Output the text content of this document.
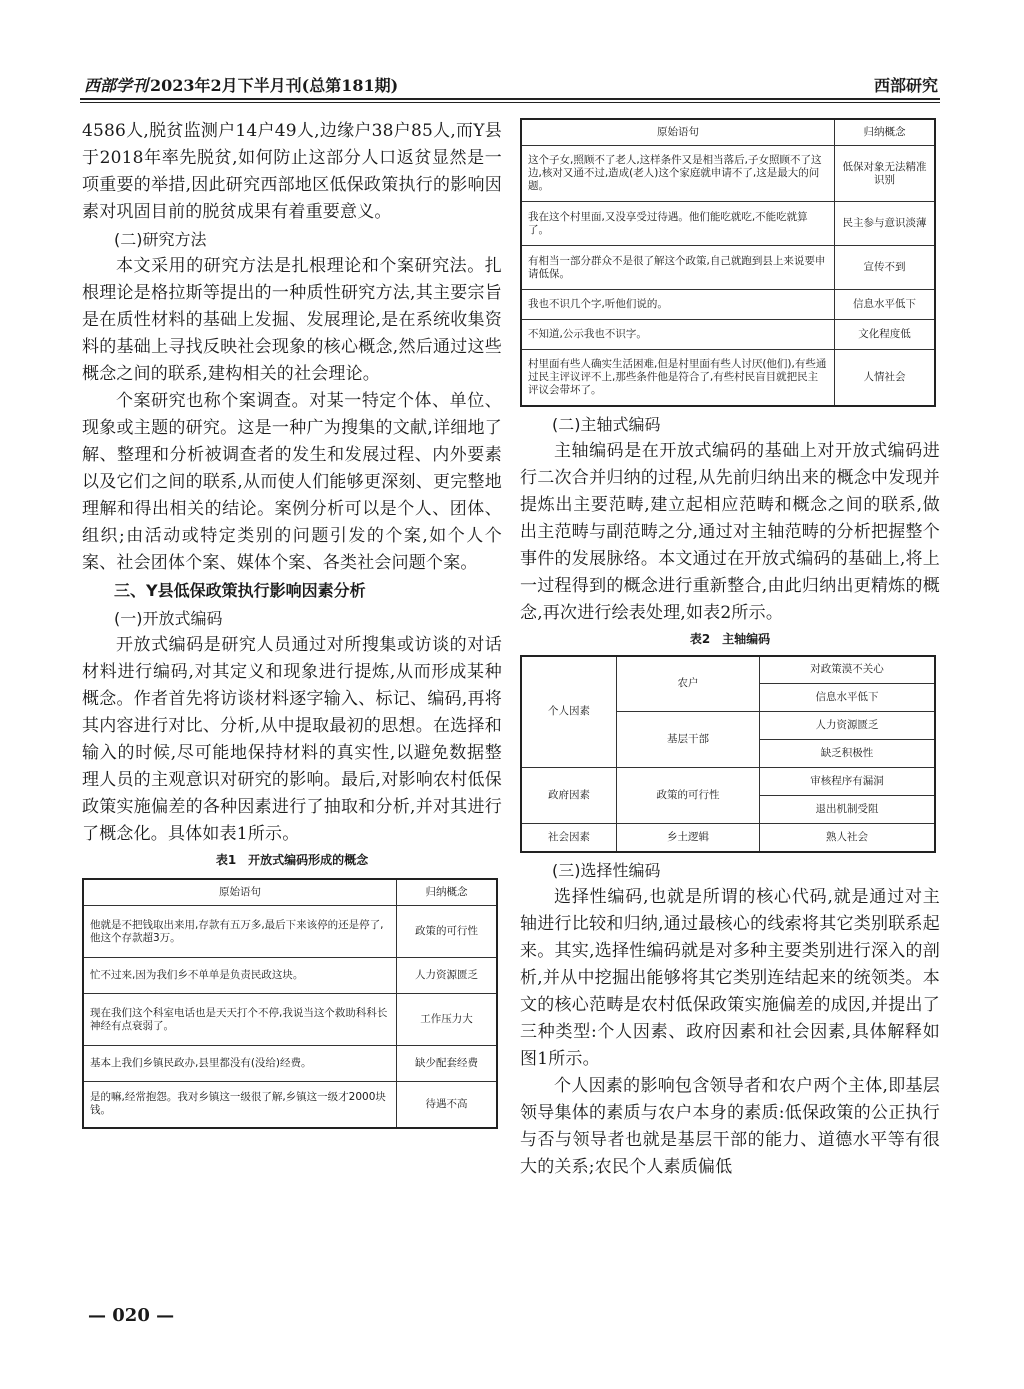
西部学刊 2023年2月下半月刊(总第181期)	西部研究

4586人,脱贫监测户14户49人,边缘户38户85人,而Y县于2018年率先脱贫,如何防止这部分人口返贫显然是一项重要的举措,因此研究西部地区低保政策执行的影响因素对巩固目前的脱贫成果有着重要意义。

(二)研究方法

本文采用的研究方法是扎根理论和个案研究法。扎根理论是格拉斯等提出的一种质性研究方法,其主要宗旨是在质性材料的基础上发掘、发展理论,是在系统收集资料的基础上寻找反映社会现象的核心概念,然后通过这些概念之间的联系,建构相关的社会理论。

个案研究也称个案调查。对某一特定个体、单位、现象或主题的研究。这是一种广为搜集的文献,详细地了解、整理和分析被调查者的发生和发展过程、内外要素以及它们之间的联系,从而使人们能够更深刻、更完整地理解和得出相关的结论。案例分析可以是个人、团体、组织;由活动或特定类别的问题引发的个案,如个人个案、社会团体个案、媒体个案、各类社会问题个案。

三、Y县低保政策执行影响因素分析
(一)开放式编码

开放式编码是研究人员通过对所搜集或访谈的对话材料进行编码,对其定义和现象进行提炼,从而形成某种概念。作者首先将访谈材料逐字输入、标记、编码,再将其内容进行对比、分析,从中提取最初的思想。在选择和输入的时候,尽可能地保持材料的真实性,以避免数据整理人员的主观意识对研究的影响。最后,对影响农村低保政策实施偏差的各种因素进行了抽取和分析,并对其进行了概念化。具体如表1所示。

表1　开放式编码形成的概念
原始语句	归纳概念
他就是不把钱取出来用,存款有五万多,最后下来该停的还是停了,他这个存款超3万。	政策的可行性
忙不过来,因为我们乡不单单是负责民政这块。	人力资源匮乏
现在我们这个科室电话也是天天打个不停,我说当这个救助科科长神经有点衰弱了。	工作压力大
基本上我们乡镇民政办,县里都没有(没给)经费。	缺少配套经费
是的嘛,经常抱怨。我对乡镇这一级很了解,乡镇这一级才2000块钱。	待遇不高
原始语句	归纳概念
这个子女,照顾不了老人,这样条件又是相当落后,子女照顾不了这边,核对又通不过,造成(老人)这个家庭就申请不了,这是最大的问题。	低保对象无法精准识别
我在这个村里面,又没享受过待遇。他们能吃就吃,不能吃就算了。	民主参与意识淡薄
有相当一部分群众不是很了解这个政策,自己就跑到县上来说要申请低保。	宣传不到
我也不识几个字,听他们说的。	信息水平低下
不知道,公示我也不识字。	文化程度低
村里面有些人确实生活困难,但是村里面有些人讨厌(他们),有些通过民主评议评不上,那些条件他是符合了,有些村民盲目就把民主评议会带坏了。	人情社会
(二)主轴式编码

主轴编码是在开放式编码的基础上对开放式编码进行二次合并归纳的过程,从先前归纳出来的概念中发现并提炼出主要范畴,建立起相应范畴和概念之间的联系,做出主范畴与副范畴之分,通过对主轴范畴的分析把握整个事件的发展脉络。本文通过在开放式编码的基础上,将上一过程得到的概念进行重新整合,由此归纳出更精炼的概念,再次进行绘表处理,如表2所示。

表2　主轴编码
个人因素	农户	对政策漠不关心
		信息水平低下
	基层干部	人力资源匮乏
		缺乏积极性
政府因素	政策的可行性	审核程序有漏洞
		退出机制受阻
社会因素	乡土逻辑	熟人社会
(三)选择性编码

选择性编码,也就是所谓的核心代码,就是通过对主轴进行比较和归纳,通过最核心的线索将其它类别联系起来。其实,选择性编码就是对多种主要类别进行深入的剖析,并从中挖掘出能够将其它类别连结起来的统领类。本文的核心范畴是农村低保政策实施偏差的成因,并提出了三种类型:个人因素、政府因素和社会因素,具体解释如图1所示。

个人因素的影响包含领导者和农户两个主体,即基层领导集体的素质与农户本身的素质:低保政策的公正执行与否与领导者也就是基层干部的能力、道德水平等有很大的关系;农民个人素质偏低

— 020 —
